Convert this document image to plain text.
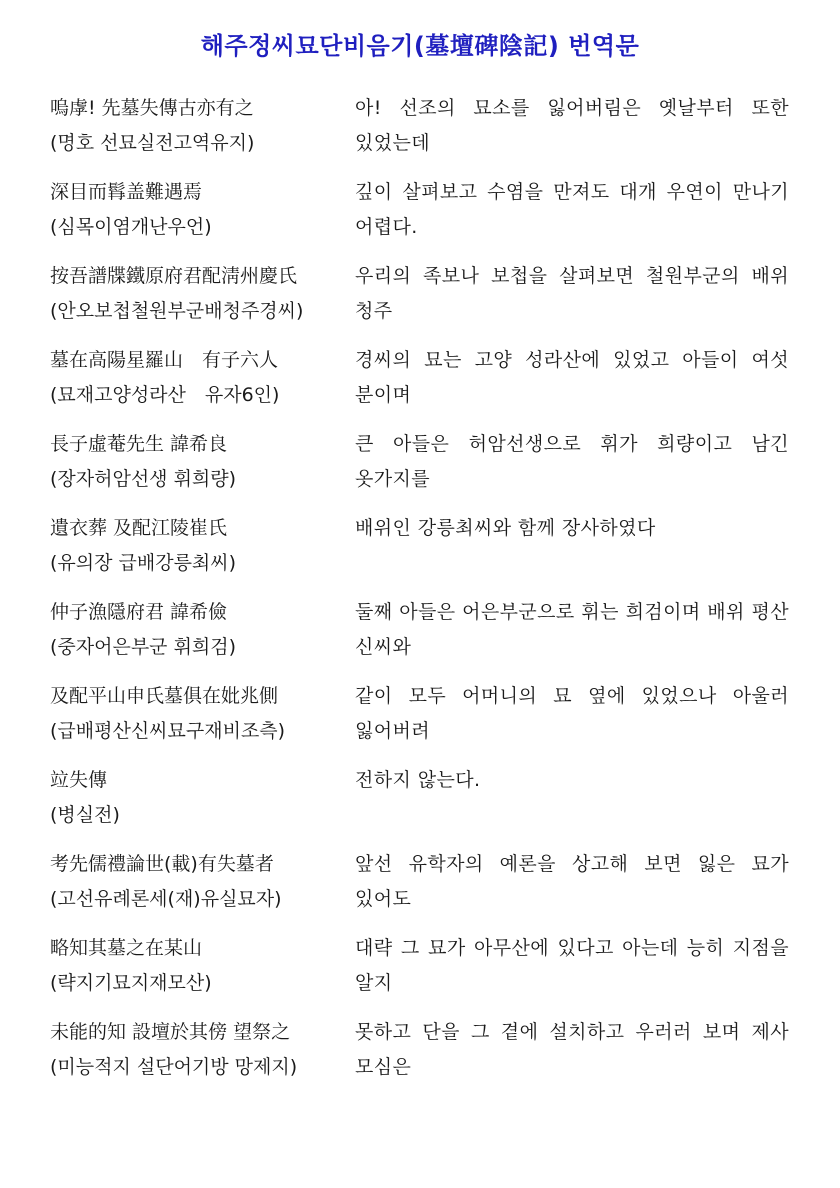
해주정씨묘단비음기(墓壇碑陰記) 번역문
嗚虖! 先墓失傳古亦有之
(명호 선묘실전고역유지)
아! 선조의 묘소를 잃어버림은 옛날부터 또한 있었는데
深目而髥盖難遇焉
(심목이염개난우언)
깊이 살펴보고 수염을 만져도 대개 우연이 만나기 어렵다.
按吾譜牒鐵原府君配淸州慶氏
(안오보첩철원부군배청주경씨)
우리의 족보나 보첩을 살펴보면 철원부군의 배위 청주
墓在高陽星羅山　有子六人
(묘재고양성라산　유자6인)
경씨의 묘는 고양 성라산에 있었고 아들이 여섯 분이며
長子虛菴先生 諱希良
(장자허암선생 휘희량)
큰 아들은 허암선생으로 휘가 희량이고 남긴 옷가지를
遺衣葬 及配江陵崔氏
(유의장 급배강릉최씨)
배위인 강릉최씨와 함께 장사하였다
仲子漁隱府君 諱希儉
(중자어은부군 휘희검)
둘째 아들은 어은부군으로 휘는 희검이며 배위 평산 신씨와
及配平山申氏墓俱在妣兆側
(급배평산신씨묘구재비조측)
같이 모두 어머니의 묘 옆에 있었으나 아울러 잃어버려
竝失傳
(병실전)
전하지 않는다.
考先儒禮論世(載)有失墓者
(고선유례론세(재)유실묘자)
앞선 유학자의 예론을 상고해 보면 잃은 묘가 있어도
略知其墓之在某山
(략지기묘지재모산)
대략 그 묘가 아무산에 있다고 아는데 능히 지점을 알지
未能的知 設壇於其傍 望祭之
(미능적지 설단어기방 망제지)
못하고 단을 그 곁에 설치하고 우러러 보며 제사 모심은
